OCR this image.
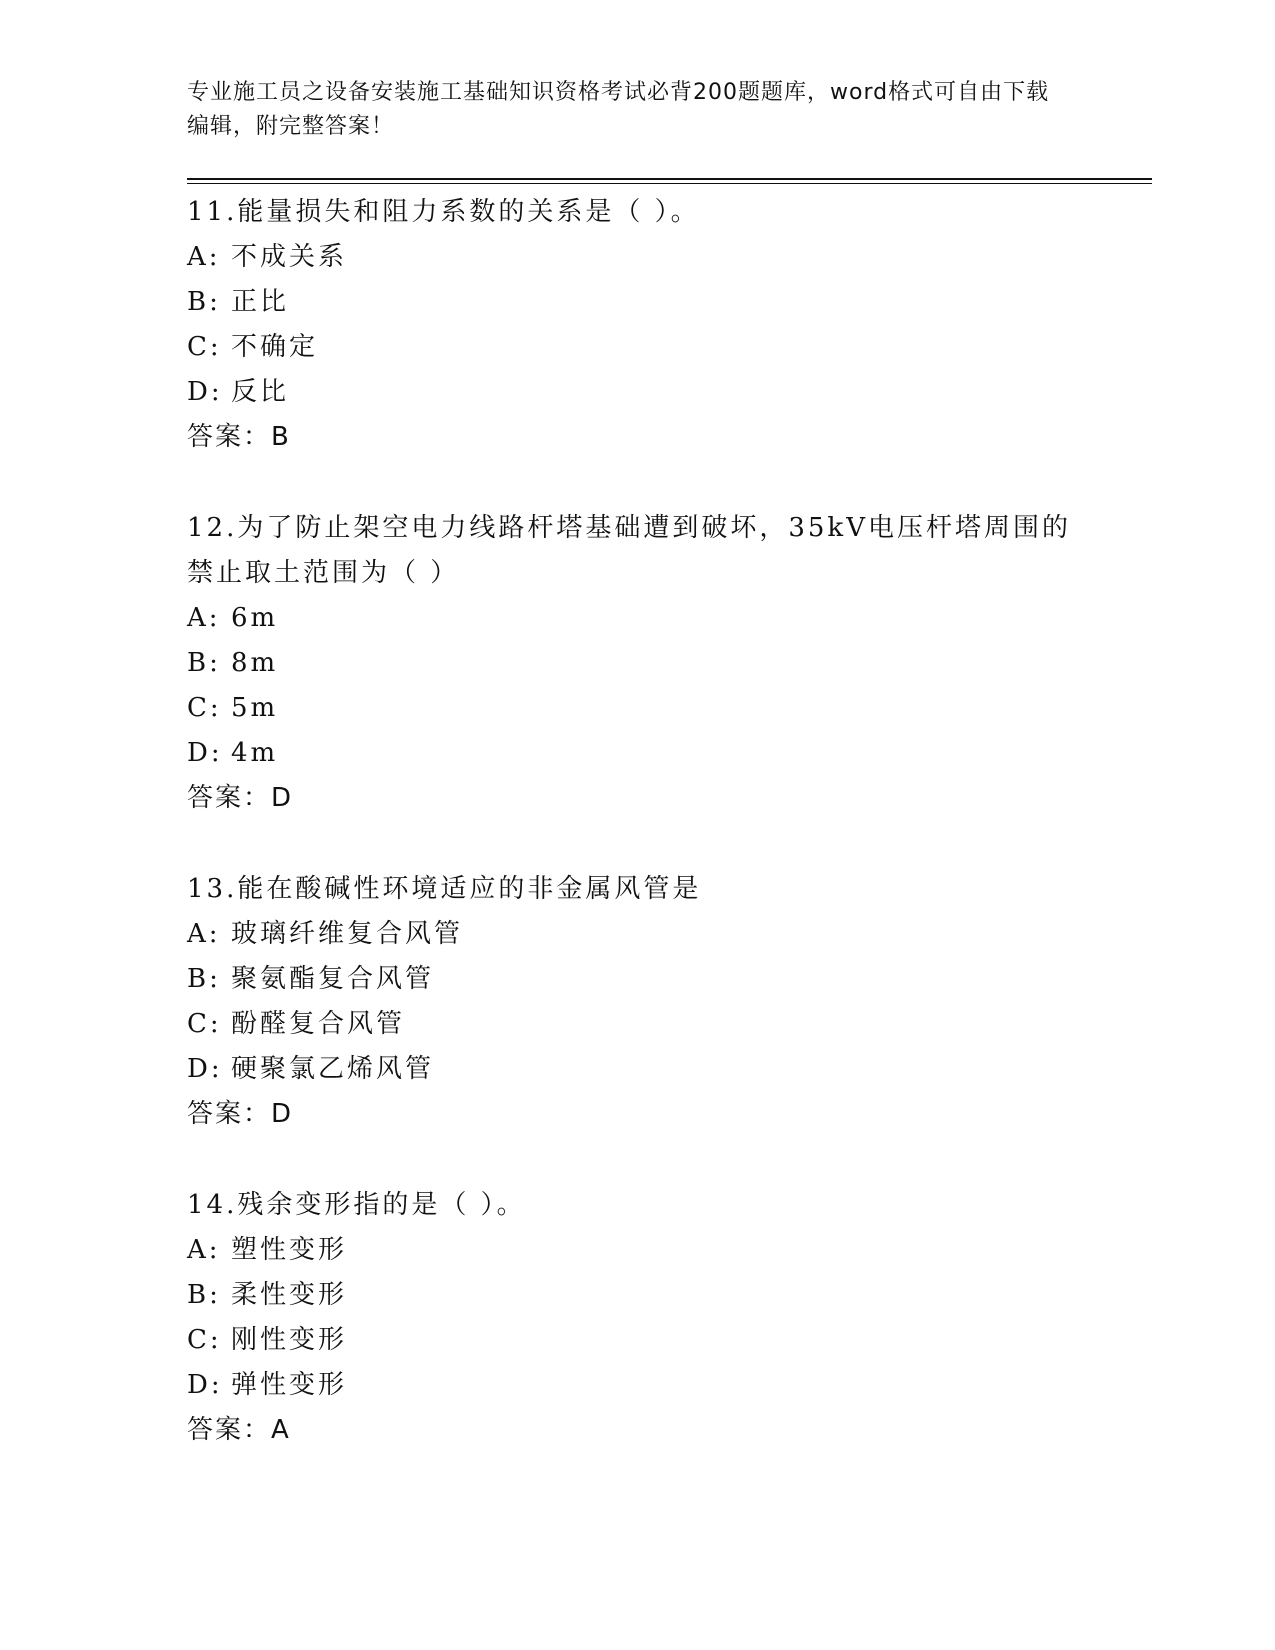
专业施工员之设备安装施工基础知识资格考试必背200题题库，word格式可自由下载编辑，附完整答案！

11.能量损失和阻力系数的关系是（ ）。

A: 不成关系

B: 正比

C: 不确定

D: 反比

答案：B

12.为了防止架空电力线路杆塔基础遭到破坏，35kV电压杆塔周围的禁止取土范围为（ ）

A: 6m

B: 8m

C: 5m

D: 4m

答案：D

13.能在酸碱性环境适应的非金属风管是

A: 玻璃纤维复合风管

B: 聚氨酯复合风管

C: 酚醛复合风管

D: 硬聚氯乙烯风管

答案：D

14.残余变形指的是（ ）。

A: 塑性变形

B: 柔性变形

C: 刚性变形

D: 弹性变形

答案：A
